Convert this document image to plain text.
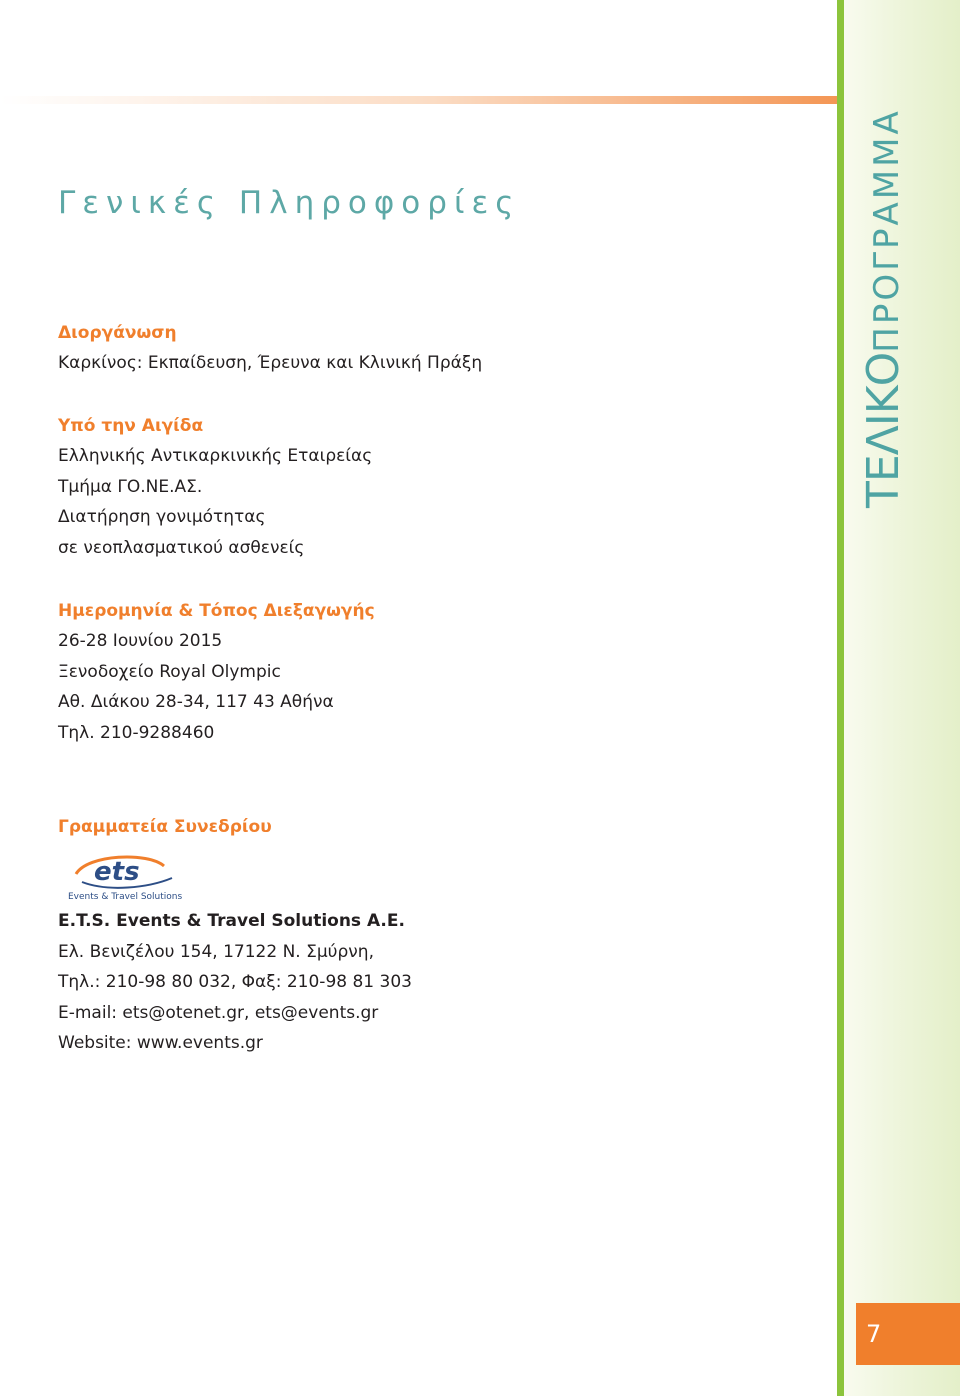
ΤΕΛΙΚΟΠΡΟΓΡΑΜΜΑ
Γενικές Πληροφορίες

Διοργάνωση

Καρκίνος: Εκπαίδευση, Έρευνα και Κλινική Πράξη

Υπό την Αιγίδα

Ελληνικής Αντικαρκινικής Εταιρείας

Τμήμα ΓΟ.ΝΕ.ΑΣ.

Διατήρηση γονιμότητας

σε νεοπλασματικού ασθενείς

Ημερομηνία & Τόπος Διεξαγωγής

26-28 Ιουνίου 2015

Ξενοδοχείο Royal Olympic

Αθ. Διάκου 28-34, 117 43 Αθήνα

Τηλ. 210-9288460

Γραμματεία Συνεδρίου

ets
Events & Travel Solutions

E.T.S. Events & Travel Solutions A.E.

Ελ. Βενιζέλου 154, 17122 Ν. Σμύρνη,

Τηλ.: 210-98 80 032, Φαξ: 210-98 81 303

E-mail: ets@otenet.gr, ets@events.gr

Website: www.events.gr

7
